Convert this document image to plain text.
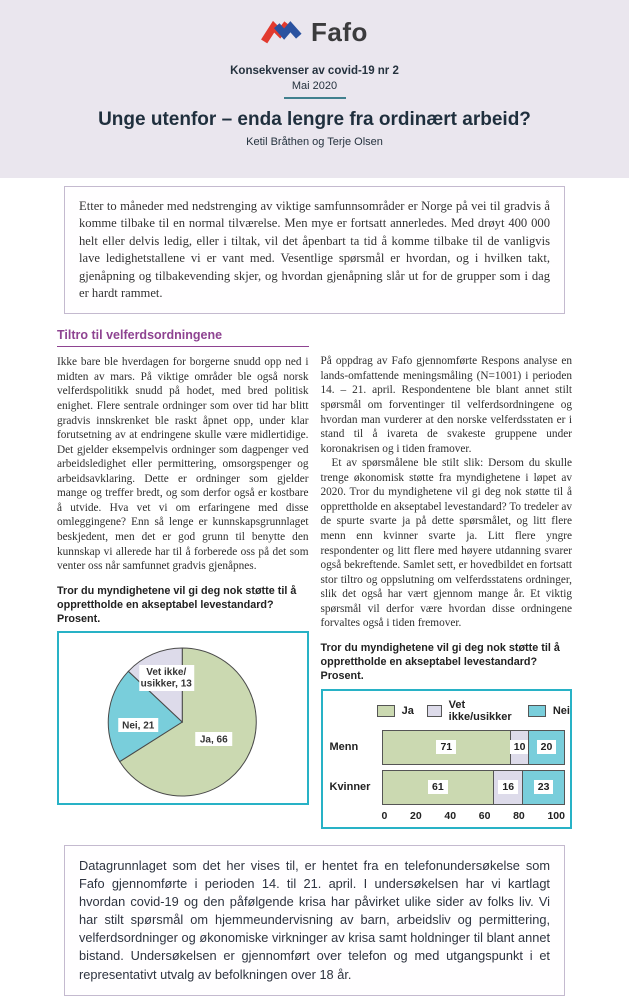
Fafo
Konsekvenser av covid-19 nr 2
Mai 2020
Unge utenfor – enda lengre fra ordinært arbeid?
Ketil Bråthen og Terje Olsen

Etter to måneder med nedstrenging av viktige samfunnsområder er Norge på vei til gradvis å komme tilbake til en normal tilværelse. Men mye er fortsatt annerledes. Med drøyt 400 000 helt eller delvis ledig, eller i tiltak, vil det åpenbart ta tid å komme tilbake til de vanligvis lave ledighetstallene vi er vant med. Vesentlige spørsmål er hvordan, og i hvilken takt, gjenåpning og tilbakevending skjer, og hvordan gjenåpning slår ut for de grupper som i dag er hardt rammet.

Tiltro til velferdsordningene

Ikke bare ble hverdagen for borgerne snudd opp ned i midten av mars. På viktige områder ble også norsk velferdspolitikk snudd på hodet, med bred politisk enighet. Flere sentrale ordninger som over tid har blitt gradvis innskrenket ble raskt åpnet opp, under klar forutsetning av at endringene skulle være midlertidige. Det gjelder eksempelvis ordninger som dagpenger ved arbeidsledighet eller permittering, omsorgspenger og arbeidsavklaring. Dette er ordninger som gjelder mange og treffer bredt, og som derfor også er kostbare å utvide. Hva vet vi om erfaringene med disse omleggingene? Enn så lenge er kunnskapsgrunnlaget beskjedent, men det er god grunn til benytte den kunnskap vi allerede har til å forberede oss på det som venter oss når samfunnet gradvis gjenåpnes.

Tror du myndighetene vil gi deg nok støtte til å opprettholde en akseptabel levestandard? Prosent.

Vet ikke/
usikker, 13
Nei, 21
Ja, 66

På oppdrag av Fafo gjennomførte Respons analyse en lands-omfattende meningsmåling (N=1001) i perioden 14. – 21. april. Respondentene ble blant annet stilt spørsmål om forventinger til velferdsordningene og hvordan man vurderer at den norske velferdsstaten er i stand til å ivareta de svakeste gruppene under koronakrisen og i tiden framover.

Et av spørsmålene ble stilt slik: Dersom du skulle trenge økonomisk støtte fra myndighetene i løpet av 2020. Tror du myndighetene vil gi deg nok støtte til å opprettholde en akseptabel levestandard? To tredeler av de spurte svarte ja på dette spørsmålet, og litt flere menn enn kvinner svarte ja. Litt flere yngre respondenter og litt flere med høyere utdanning svarer også bekreftende. Samlet sett, er hovedbildet en fortsatt stor tiltro og oppslutning om velferdsstatens ordninger, slik det også har vært gjennom mange år. Et viktig spørsmål vil derfor være hvordan disse ordningene forvaltes også i tiden fremover.

Tror du myndighetene vil gi deg nok støtte til å opprettholde en akseptabel levestandard? Prosent.

Ja	Vet ikke/usikker	Nei
Menn	71	10	20
Kvinner	61	16	23
0 20 40 60 80 100

Datagrunnlaget som det her vises til, er hentet fra en telefonundersøkelse som Fafo gjennomførte i perioden 14. til 21. april. I undersøkelsen har vi kartlagt hvordan covid-19 og den påfølgende krisa har påvirket ulike sider av folks liv. Vi har stilt spørsmål om hjemmeundervisning av barn, arbeidsliv og permittering, velferdsordninger og økonomiske virkninger av krisa samt holdninger til blant annet bistand. Undersøkelsen er gjennomført over telefon og med utgangspunkt i et representativt utvalg av befolkningen over 18 år.
